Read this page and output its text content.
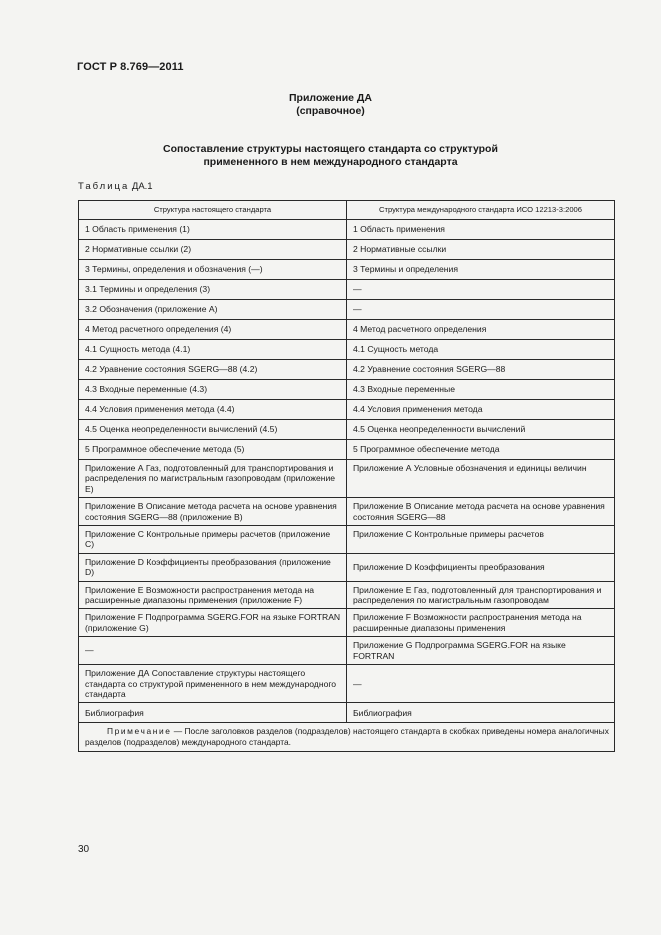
ГОСТ Р 8.769—2011
Приложение ДА
(справочное)
Сопоставление структуры настоящего стандарта со структурой
примененного в нем международного стандарта
Таблица ДА.1
Структура настоящего стандарта	Структура международного стандарта ИСО 12213-3:2006
1 Область применения (1)	1 Область применения
2 Нормативные ссылки (2)	2 Нормативные ссылки
3 Термины, определения и обозначения (—)	3 Термины и определения
3.1 Термины и определения (3)	—
3.2 Обозначения (приложение А)	—
4 Метод расчетного определения (4)	4 Метод расчетного определения
4.1 Сущность метода (4.1)	4.1 Сущность метода
4.2 Уравнение состояния SGERG—88 (4.2)	4.2 Уравнение состояния SGERG—88
4.3 Входные переменные (4.3)	4.3 Входные переменные
4.4 Условия применения метода (4.4)	4.4 Условия применения метода
4.5 Оценка неопределенности вычислений (4.5)	4.5 Оценка неопределенности вычислений
5 Программное обеспечение метода (5)	5 Программное обеспечение метода
Приложение А Газ, подготовленный для транспортирования и распределения по магистральным газопроводам (приложение Е)	Приложение А Условные обозначения и единицы величин
Приложение В Описание метода расчета на основе уравнения состояния SGERG—88 (приложение В)	Приложение В Описание метода расчета на основе уравнения состояния SGERG—88
Приложение С Контрольные примеры расчетов (приложение С)	Приложение С Контрольные примеры расчетов
Приложение D Коэффициенты преобразования (приложение D)	Приложение D Коэффициенты преобразования
Приложение Е Возможности распространения метода на расширенные диапазоны применения (приложение F)	Приложение Е Газ, подготовленный для транспортирования и распределения по магистральным газопроводам
Приложение F Подпрограмма SGERG.FOR на языке FORTRAN (приложение G)	Приложение F Возможности распространения метода на расширенные диапазоны применения
—	Приложение G Подпрограмма SGERG.FOR на языке FORTRAN
Приложение ДА Сопоставление структуры настоящего стандарта со структурой примененного в нем международного стандарта	—
Библиография	Библиография
Примечание — После заголовков разделов (подразделов) настоящего стандарта в скобках приведены номера аналогичных разделов (подразделов) международного стандарта.	
30
